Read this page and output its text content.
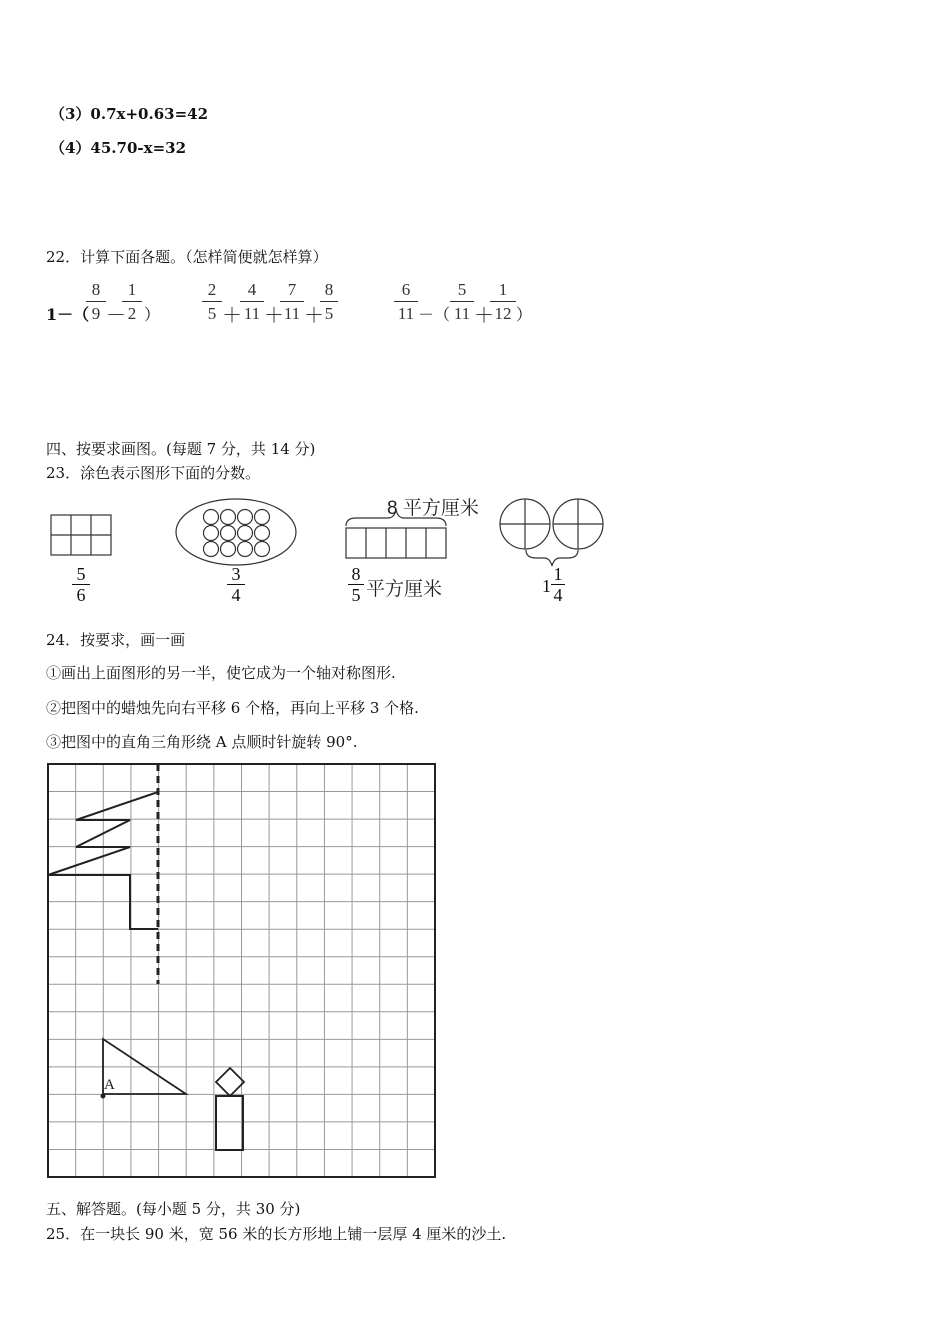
（3）0.7x+0.63=42
（4）45.70-x=32
22．计算下面各题。（怎样简便就怎样算）
1－（
8
9 －
1
2 ）
2
5 ＋
4
11 ＋
7
11 ＋
8
5
6
11 －（
5
11 ＋
1
12 ）
四、按要求画图。(每题 7 分，共 14 分)
23．涂色表示图形下面的分数。
8 平方厘米
5
6
3
4
8
5 平方厘米	1
1
4
24．按要求，画一画
①画出上面图形的另一半，使它成为一个轴对称图形.
②把图中的蜡烛先向右平移 6 个格，再向上平移 3 个格.
③把图中的直角三角形绕 A 点顺时针旋转 90°.
A
五、解答题。(每小题 5 分，共 30 分)
25．在一块长 90 米，宽 56 米的长方形地上铺一层厚 4 厘米的沙土.
